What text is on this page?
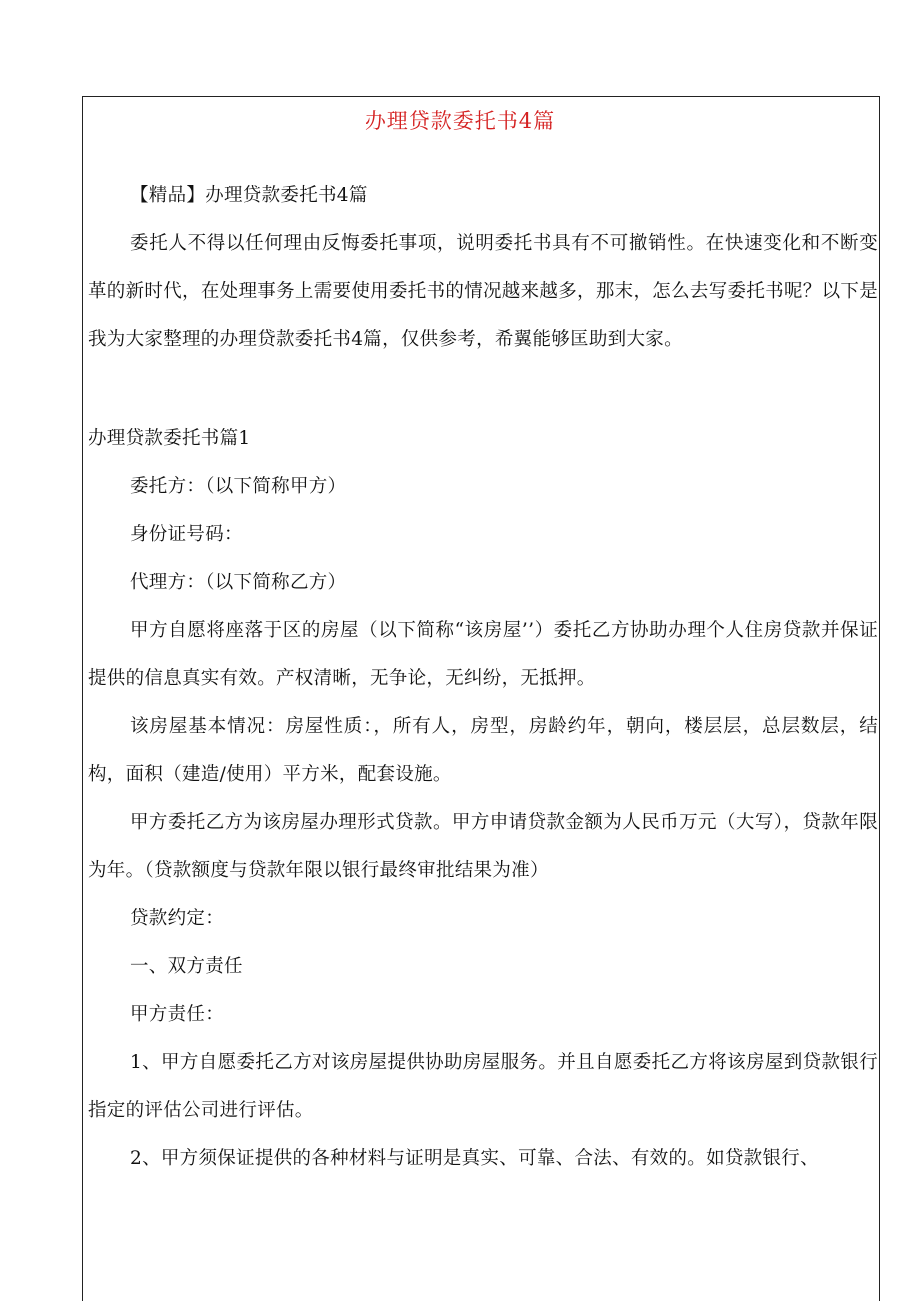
办理贷款委托书4篇

【精品】办理贷款委托书4篇

委托人不得以任何理由反悔委托事项，说明委托书具有不可撤销性。在快速变化和不断变革的新时代，在处理事务上需要使用委托书的情况越来越多，那末，怎么去写委托书呢？以下是我为大家整理的办理贷款委托书4篇，仅供参考，希翼能够匡助到大家。

办理贷款委托书篇1

委托方：（以下简称甲方）

身份证号码：

代理方：（以下简称乙方）

甲方自愿将座落于区的房屋（以下简称“该房屋’’）委托乙方协助办理个人住房贷款并保证提供的信息真实有效。产权清晰，无争论，无纠纷，无抵押。

该房屋基本情况：房屋性质：，所有人，房型，房龄约年，朝向，楼层层，总层数层，结构，面积（建造/使用）平方米，配套设施。

甲方委托乙方为该房屋办理形式贷款。甲方申请贷款金额为人民币万元（大写），贷款年限为年。（贷款额度与贷款年限以银行最终审批结果为准）

贷款约定：

一、双方责任

甲方责任：

1、甲方自愿委托乙方对该房屋提供协助房屋服务。并且自愿委托乙方将该房屋到贷款银行指定的评估公司进行评估。

2、甲方须保证提供的各种材料与证明是真实、可靠、合法、有效的。如贷款银行、
